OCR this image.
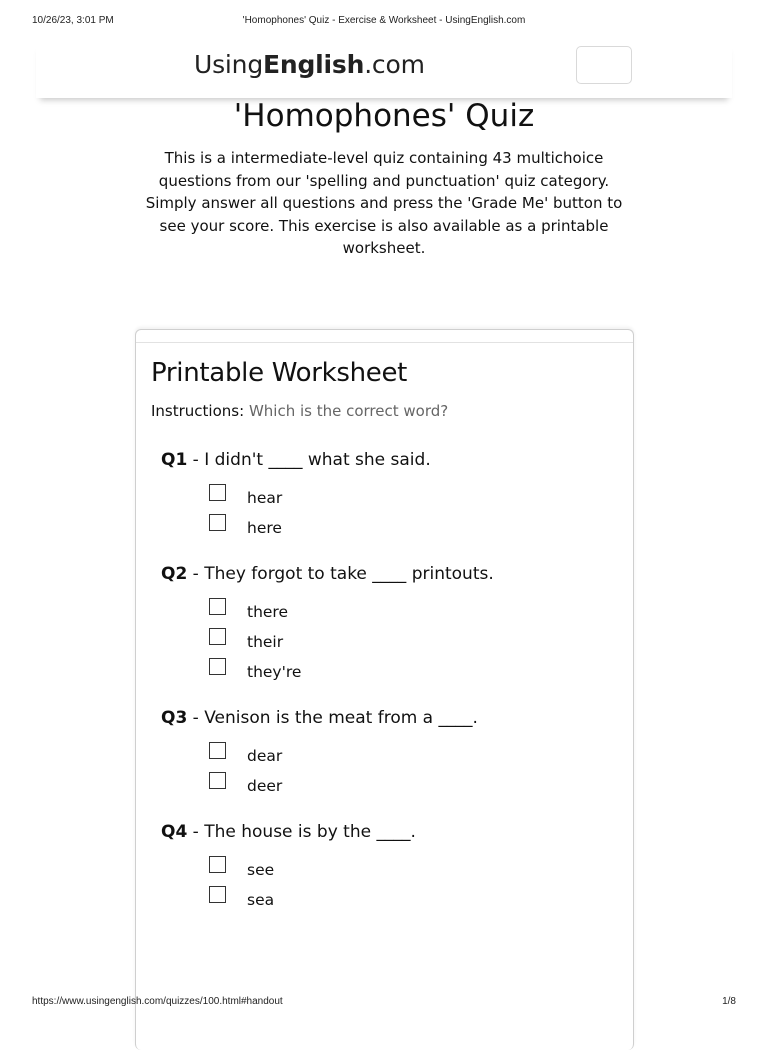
10/26/23, 3:01 PM	'Homophones' Quiz - Exercise & Worksheet - UsingEnglish.com
UsingEnglish.com
'Homophones' Quiz

This is a intermediate-level quiz containing 43 multichoice questions from our 'spelling and punctuation' quiz category. Simply answer all questions and press the 'Grade Me' button to see your score. This exercise is also available as a printable worksheet.

Printable Worksheet
Instructions: Which is the correct word?
Q1 - I didn't ____ what she said.
hear
here
Q2 - They forgot to take ____ printouts.
there
their
they're
Q3 - Venison is the meat from a ____.
dear
deer
Q4 - The house is by the ____.
see
sea
https://www.usingenglish.com/quizzes/100.html#handout	1/8
